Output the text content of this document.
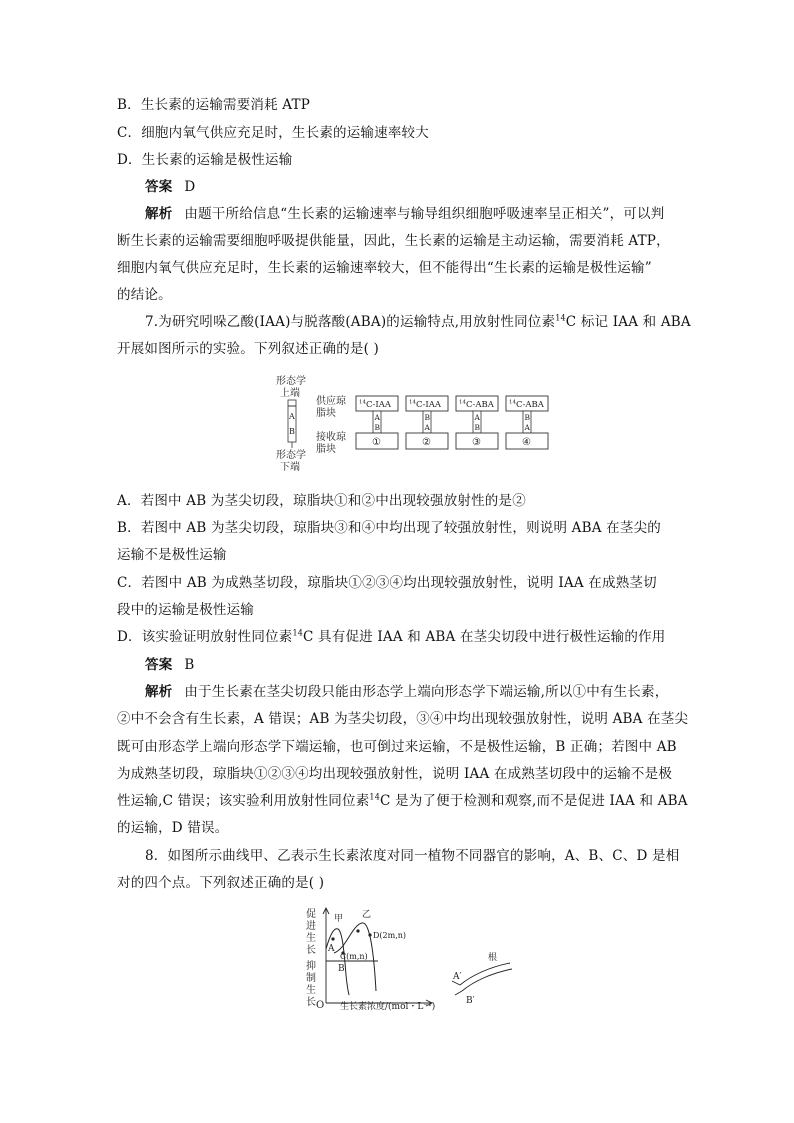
B．生长素的运输需要消耗 ATP
C．细胞内氧气供应充足时，生长素的运输速率较大
D．生长素的运输是极性运输
答案 D
解析 由题干所给信息“生长素的运输速率与输导组织细胞呼吸速率呈正相关”，可以判
断生长素的运输需要细胞呼吸提供能量，因此，生长素的运输是主动运输，需要消耗 ATP，
细胞内氧气供应充足时，生长素的运输速率较大，但不能得出“生长素的运输是极性运输”
的结论。
7.为研究吲哚乙酸(IAA)与脱落酸(ABA)的运输特点,用放射性同位素$^{14}$C 标记 IAA 和 ABA
开展如图所示的实验。下列叙述正确的是( )
形态学
上端
形态学
下端
A
B
供应琼
脂块
接收琼
脂块
$^{14}$C-IAA
A
B
①
$^{14}$C-IAA
B
A
②
$^{14}$C-ABA
A
B
③
$^{14}$C-ABA
B
A
④
A．若图中 AB 为茎尖切段，琼脂块①和②中出现较强放射性的是②
B．若图中 AB 为茎尖切段，琼脂块③和④中均出现了较强放射性，则说明 ABA 在茎尖的
运输不是极性运输
C．若图中 AB 为成熟茎切段，琼脂块①②③④均出现较强放射性，说明 IAA 在成熟茎切
段中的运输是极性运输
D．该实验证明放射性同位素$^{14}$C 具有促进 IAA 和 ABA 在茎尖切段中进行极性运输的作用
答案 B
解析 由于生长素在茎尖切段只能由形态学上端向形态学下端运输,所以①中有生长素，
②中不会含有生长素，A 错误；AB 为茎尖切段，③④中均出现较强放射性，说明 ABA 在茎尖
既可由形态学上端向形态学下端运输，也可倒过来运输，不是极性运输，B 正确；若图中 AB
为成熟茎切段，琼脂块①②③④均出现较强放射性，说明 IAA 在成熟茎切段中的运输不是极
性运输,C 错误；该实验利用放射性同位素$^{14}$C 是为了便于检测和观察,而不是促进 IAA 和 ABA
的运输，D 错误。
8．如图所示曲线甲、乙表示生长素浓度对同一植物不同器官的影响，A、B、C、D 是相
对的四个点。下列叙述正确的是( )
促
进
生
长
抑
制
生
长 O 生长素浓度/(mol・L⁻¹)
甲 乙
A
B
C(m,n)
D(2m,n)
根
A′
B′
